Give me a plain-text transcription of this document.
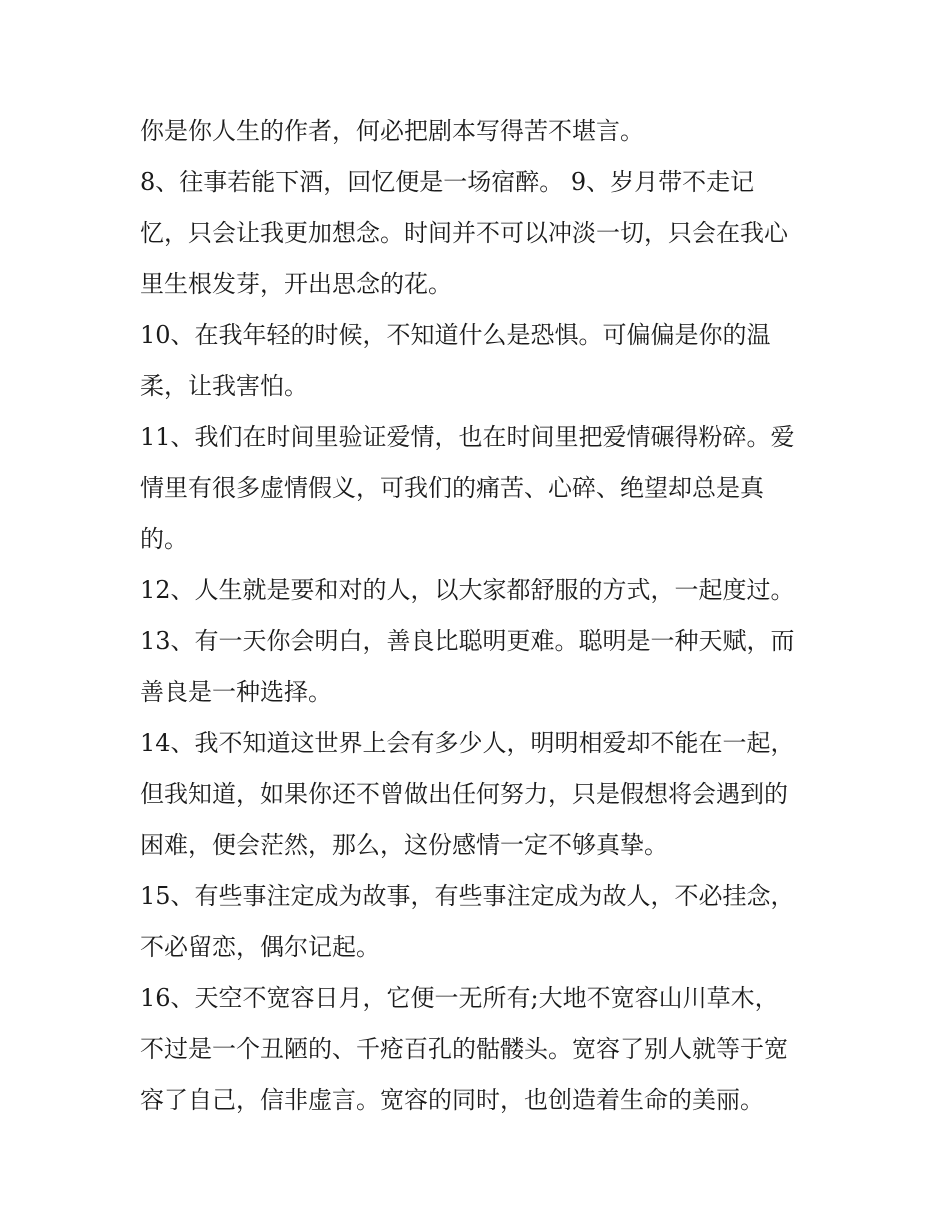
你是你人生的作者，何必把剧本写得苦不堪言。
8、往事若能下酒，回忆便是一场宿醉。 9、岁月带不走记
忆，只会让我更加想念。时间并不可以冲淡一切，只会在我心
里生根发芽，开出思念的花。
10、在我年轻的时候，不知道什么是恐惧。可偏偏是你的温
柔，让我害怕。
11、我们在时间里验证爱情，也在时间里把爱情碾得粉碎。爱
情里有很多虚情假义，可我们的痛苦、心碎、绝望却总是真
的。
12、人生就是要和对的人，以大家都舒服的方式，一起度过。
13、有一天你会明白，善良比聪明更难。聪明是一种天赋，而
善良是一种选择。
14、我不知道这世界上会有多少人，明明相爱却不能在一起，
但我知道，如果你还不曾做出任何努力，只是假想将会遇到的
困难，便会茫然，那么，这份感情一定不够真挚。
15、有些事注定成为故事，有些事注定成为故人，不必挂念，
不必留恋，偶尔记起。
16、天空不宽容日月，它便一无所有;大地不宽容山川草木，
不过是一个丑陋的、千疮百孔的骷髅头。宽容了别人就等于宽
容了自己，信非虚言。宽容的同时，也创造着生命的美丽。
